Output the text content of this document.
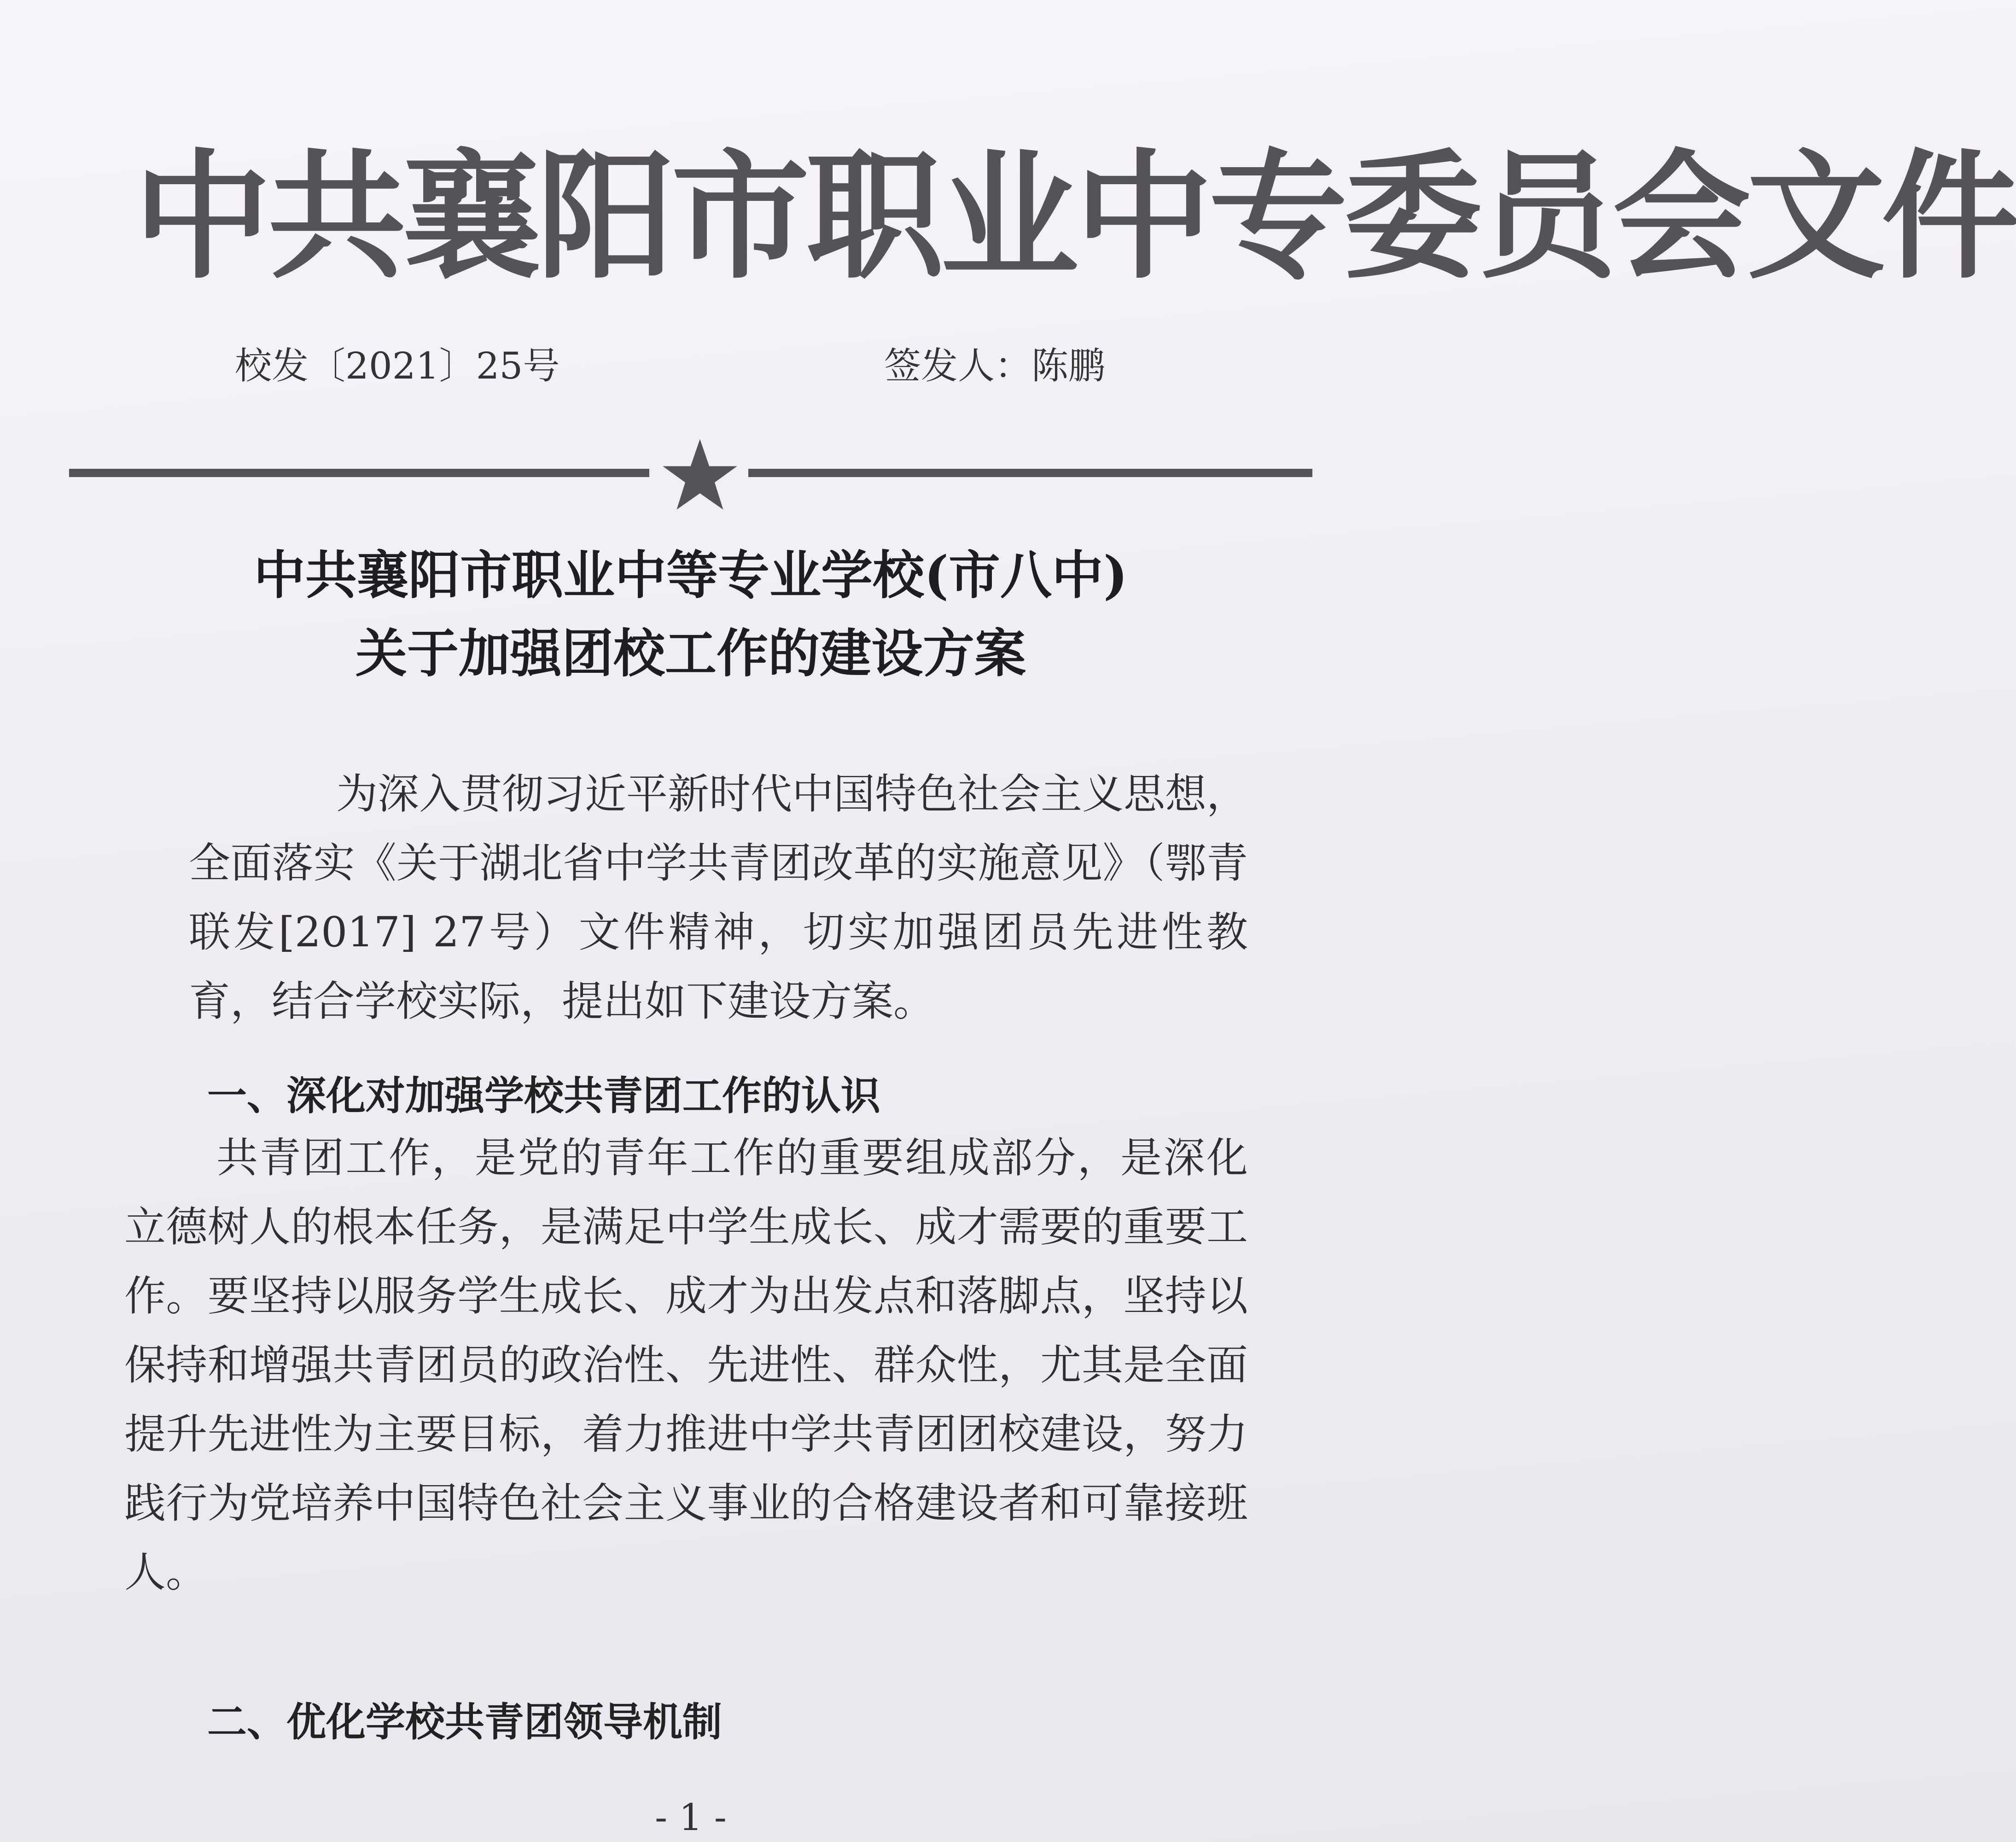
中共襄阳市职业中专委员会文件
校发〔2021〕25号	签发人：陈鹏
中共襄阳市职业中等专业学校(市八中)
关于加强团校工作的建设方案
为深入贯彻习近平新时代中国特色社会主义思想，全面落实《关于湖北省中学共青团改革的实施意见》（鄂青联发[2017] 27号）文件精神，切实加强团员先进性教育，结合学校实际，提出如下建设方案。
一、深化对加强学校共青团工作的认识
共青团工作，是党的青年工作的重要组成部分，是深化立德树人的根本任务，是满足中学生成长、成才需要的重要工作。要坚持以服务学生成长、成才为出发点和落脚点，坚持以保持和增强共青团员的政治性、先进性、群众性，尤其是全面提升先进性为主要目标，着力推进中学共青团团校建设，努力践行为党培养中国特色社会主义事业的合格建设者和可靠接班人。
二、优化学校共青团领导机制
- 1 -
